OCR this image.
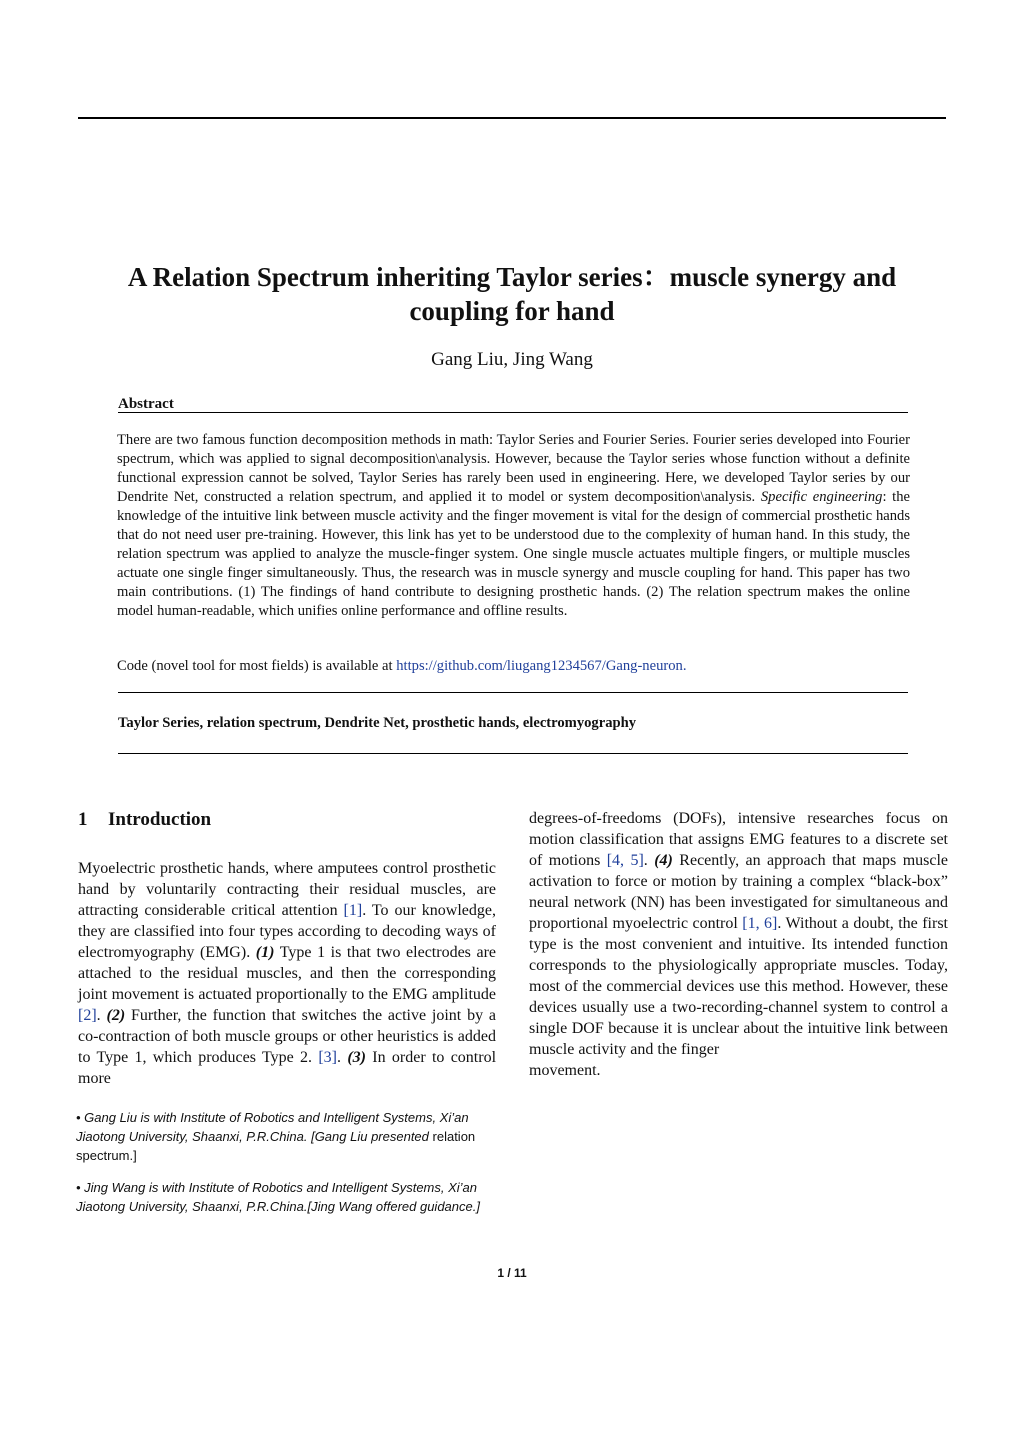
A Relation Spectrum inheriting Taylor series：muscle synergy and
coupling for hand
Gang Liu, Jing Wang
Abstract

There are two famous function decomposition methods in math: Taylor Series and Fourier Series. Fourier series developed into Fourier spectrum, which was applied to signal decomposition\analysis. However, because the Taylor series whose function without a definite functional expression cannot be solved, Taylor Series has rarely been used in engineering. Here, we developed Taylor series by our Dendrite Net, constructed a relation spectrum, and applied it to model or system decomposition\analysis. Specific engineering: the knowledge of the intuitive link between muscle activity and the finger movement is vital for the design of commercial prosthetic hands that do not need user pre-training. However, this link has yet to be understood due to the complexity of human hand. In this study, the relation spectrum was applied to analyze the muscle-finger system. One single muscle actuates multiple fingers, or multiple muscles actuate one single finger simultaneously. Thus, the research was in muscle synergy and muscle coupling for hand. This paper has two main contributions. (1) The findings of hand contribute to designing prosthetic hands. (2) The relation spectrum makes the online model human-readable, which unifies online performance and offline results.

Code (novel tool for most fields) is available at https://github.com/liugang1234567/Gang-neuron.
Taylor Series, relation spectrum, Dendrite Net, prosthetic hands, electromyography
1 Introduction

Myoelectric prosthetic hands, where amputees control prosthetic hand by voluntarily contracting their residual muscles, are attracting considerable critical attention [1]. To our knowledge, they are classified into four types according to decoding ways of electromyography (EMG). (1) Type 1 is that two electrodes are attached to the residual muscles, and then the corresponding joint movement is actuated proportionally to the EMG amplitude [2]. (2) Further, the function that switches the active joint by a co-contraction of both muscle groups or other heuristics is added to Type 1, which produces Type 2. [3]. (3) In order to control more

degrees-of-freedoms (DOFs), intensive researches focus on motion classification that assigns EMG features to a discrete set of motions [4, 5]. (4) Recently, an approach that maps muscle activation to force or motion by training a complex “black-box” neural network (NN) has been investigated for simultaneous and proportional myoelectric control [1, 6]. Without a doubt, the first type is the most convenient and intuitive. Its intended function corresponds to the physiologically appropriate muscles. Today, most of the commercial devices use this method. However, these devices usually use a two-recording-channel system to control a single DOF because it is unclear about the intuitive link between muscle activity and the finger
movement.

• Gang Liu is with Institute of Robotics and Intelligent Systems, Xi’an Jiaotong University, Shaanxi, P.R.China. [Gang Liu presented relation
spectrum.]
• Jing Wang is with Institute of Robotics and Intelligent Systems, Xi’an Jiaotong University, Shaanxi, P.R.China.[Jing Wang offered guidance.]
1 / 11
